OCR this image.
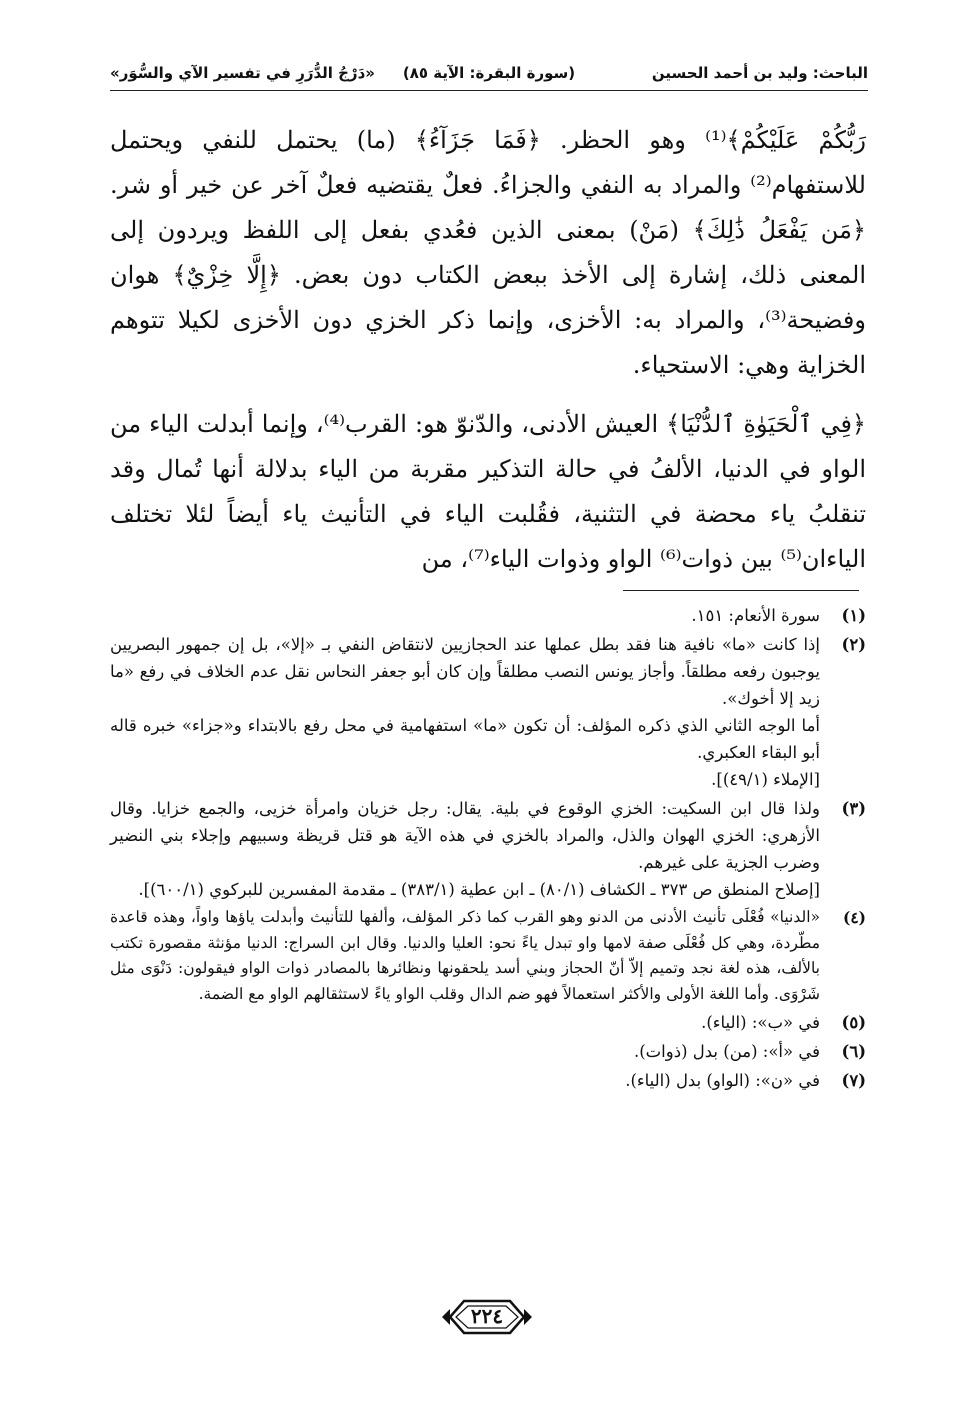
الباحث: وليد بن أحمد الحسين
(سورة البقرة: الآية ٨٥)
«دَرْجُ الدُّرَرِ في تفسير الآي والسُّوَر»

رَبُّكُمْ عَلَيْكُمْ﴾⁽¹⁾ وهو الحظر. ﴿فَمَا جَزَآءُ﴾ (ما) يحتمل للنفي ويحتمل للاستفهام⁽²⁾ والمراد به النفي والجزاءُ. فعلٌ يقتضيه فعلٌ آخر عن خير أو شر. ﴿مَن يَفْعَلُ ذَٰلِكَ﴾ (مَنْ) بمعنى الذين فعُدي بفعل إلى اللفظ ويردون إلى المعنى ذلك، إشارة إلى الأخذ ببعض الكتاب دون بعض. ﴿إِلَّا خِزْيٌ﴾ هوان وفضيحة⁽³⁾، والمراد به: الأخزى، وإنما ذكر الخزي دون الأخزى لكيلا تتوهم الخزاية وهي: الاستحياء.

﴿فِي ٱلْحَيَوٰةِ ٱلدُّنْيَا﴾ العيش الأدنى، والدّنوّ هو: القرب⁽⁴⁾، وإنما أبدلت الياء من الواو في الدنيا، الألفُ في حالة التذكير مقربة من الياء بدلالة أنها تُمال وقد تنقلبُ ياء محضة في التثنية، فقُلبت الياء في التأنيث ياء أيضاً لئلا تختلف الياءان⁽⁵⁾ بين ذوات⁽⁶⁾ الواو وذوات الياء⁽⁷⁾، من

(١)
سورة الأنعام: ١٥١.
(٢)
إذا كانت «ما» نافية هنا فقد بطل عملها عند الحجازيين لانتقاض النفي بـ «إلا»، بل إن جمهور البصريين يوجبون رفعه مطلقاً. وأجاز يونس النصب مطلقاً وإن كان أبو جعفر النحاس نقل عدم الخلاف في رفع «ما زيد إلا أخوك».
أما الوجه الثاني الذي ذكره المؤلف: أن تكون «ما» استفهامية في محل رفع بالابتداء و«جزاء» خبره قاله أبو البقاء العكبري.
[الإملاء (٤٩/١)].
(٣)
ولذا قال ابن السكيت: الخزي الوقوع في بلية. يقال: رجل خزيان وامرأة خزيى، والجمع خزايا. وقال الأزهري: الخزي الهوان والذل، والمراد بالخزي في هذه الآية هو قتل قريظة وسبيهم وإجلاء بني النضير وضرب الجزية على غيرهم.
[إصلاح المنطق ص ٣٧٣ ـ الكشاف (٨٠/١) ـ ابن عطية (٣٨٣/١) ـ مقدمة المفسرين للبركوي (٦٠٠/١)].
(٤)
«الدنيا» فُعْلَى تأنيث الأدنى من الدنو وهو القرب كما ذكر المؤلف، وألفها للتأنيث وأبدلت ياؤها واواً، وهذه قاعدة مطّردة، وهي كل فُعْلَى صفة لامها واو تبدل ياءً نحو: العليا والدنيا. وقال ابن السراج: الدنيا مؤنثة مقصورة تكتب بالألف، هذه لغة نجد وتميم إلاّ أنّ الحجاز وبني أسد يلحقونها ونظائرها بالمصادر ذوات الواو فيقولون: دَنْوَى مثل شَرْوَى. وأما اللغة الأولى والأكثر استعمالاً فهو ضم الدال وقلب الواو ياءً لاستثقالهم الواو مع الضمة.
(٥)
في «ب»: (الياء).
(٦)
في «أ»: (من) بدل (ذوات).
(٧)
في «ن»: (الواو) بدل (الياء).
٢٢٤
